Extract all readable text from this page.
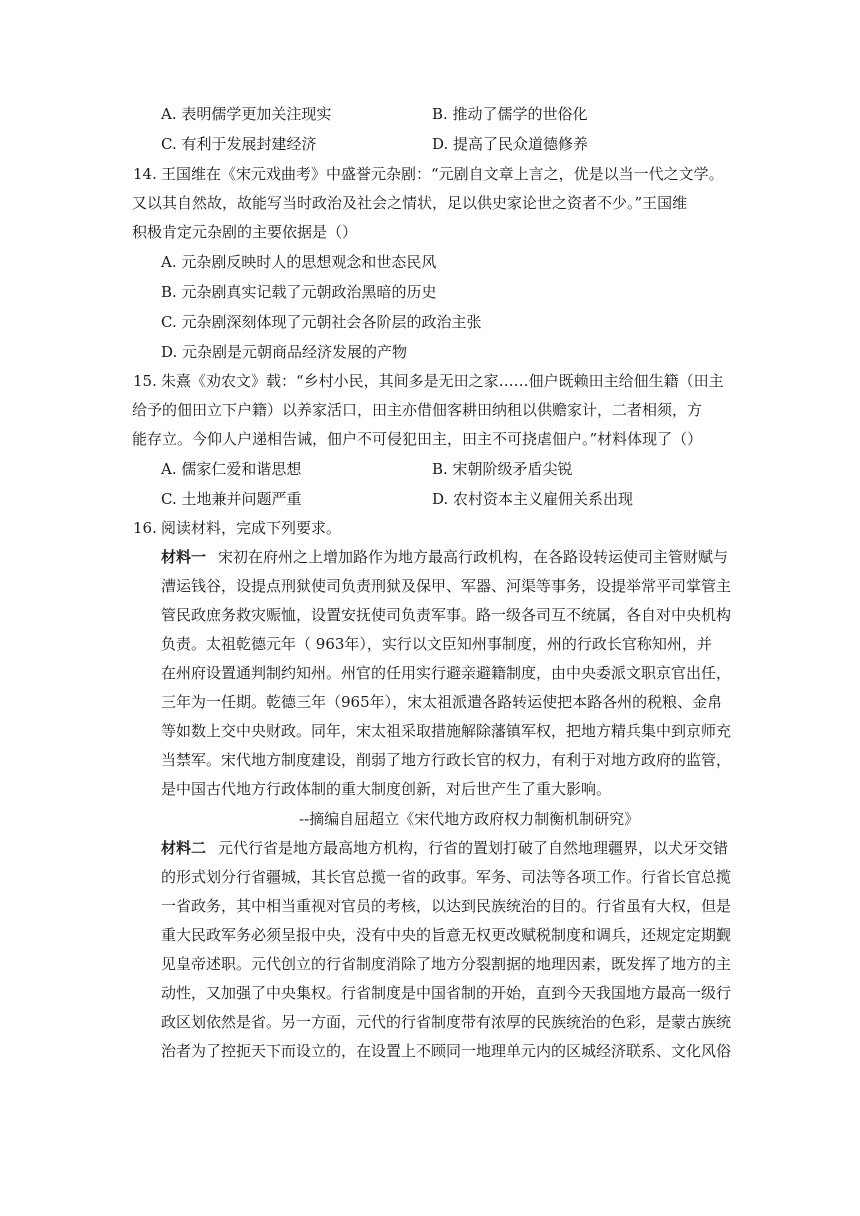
A. 表明儒学更加关注现实	B. 推动了儒学的世俗化
C. 有利于发展封建经济	D. 提高了民众道德修养
14. 王国维在《宋元戏曲考》中盛誉元杂剧：“元剧自文章上言之，优是以当一代之文学。
又以其自然故，故能写当时政治及社会之情状，足以供史家论世之资者不少。”王国维
积极肯定元杂剧的主要依据是（）
A. 元杂剧反映时人的思想观念和世态民风
B. 元杂剧真实记载了元朝政治黑暗的历史
C. 元杂剧深刻体现了元朝社会各阶层的政治主张
D. 元杂剧是元朝商品经济发展的产物
15. 朱熹《劝农文》载：“乡村小民，其间多是无田之家……佃户既赖田主给佃生籍（田主
给予的佃田立下户籍）以养家活口，田主亦借佃客耕田纳租以供赡家计，二者相须，方
能存立。今仰人户递相告诫，佃户不可侵犯田主，田主不可挠虐佃户。”材料体现了（）
A. 儒家仁爱和谐思想	B. 宋朝阶级矛盾尖锐
C. 土地兼并问题严重	D. 农村资本主义雇佣关系出现
16. 阅读材料，完成下列要求。
材料一 宋初在府州之上增加路作为地方最高行政机构，在各路设转运使司主管财赋与
漕运钱谷，设提点刑狱使司负责刑狱及保甲、军器、河渠等事务，设提举常平司掌管主
管民政庶务救灾赈恤，设置安抚使司负责军事。路一级各司互不统属，各自对中央机构
负责。太祖乾德元年（ 963年），实行以文臣知州事制度，州的行政长官称知州，并
在州府设置通判制约知州。州官的任用实行避亲避籍制度，由中央委派文职京官出任，
三年为一任期。乾德三年（965年），宋太祖派遣各路转运使把本路各州的税粮、金帛
等如数上交中央财政。同年，宋太祖采取措施解除藩镇军权，把地方精兵集中到京师充
当禁军。宋代地方制度建设，削弱了地方行政长官的权力，有利于对地方政府的监管，
是中国古代地方行政体制的重大制度创新，对后世产生了重大影响。
--摘编自屈超立《宋代地方政府权力制衡机制研究》
材料二 元代行省是地方最高地方机构，行省的置划打破了自然地理疆界，以犬牙交错
的形式划分行省疆城，其长官总揽一省的政事。军务、司法等各项工作。行省长官总揽
一省政务，其中相当重视对官员的考核，以达到民族统治的目的。行省虽有大权，但是
重大民政军务必须呈报中央，没有中央的旨意无权更改赋税制度和调兵，还规定定期觐
见皇帝述职。元代创立的行省制度消除了地方分裂割据的地理因素，既发挥了地方的主
动性，又加强了中央集权。行省制度是中国省制的开始，直到今天我国地方最高一级行
政区划依然是省。另一方面，元代的行省制度带有浓厚的民族统治的色彩，是蒙古族统
治者为了控扼天下而设立的，在设置上不顾同一地理单元内的区城经济联系、文化风俗
